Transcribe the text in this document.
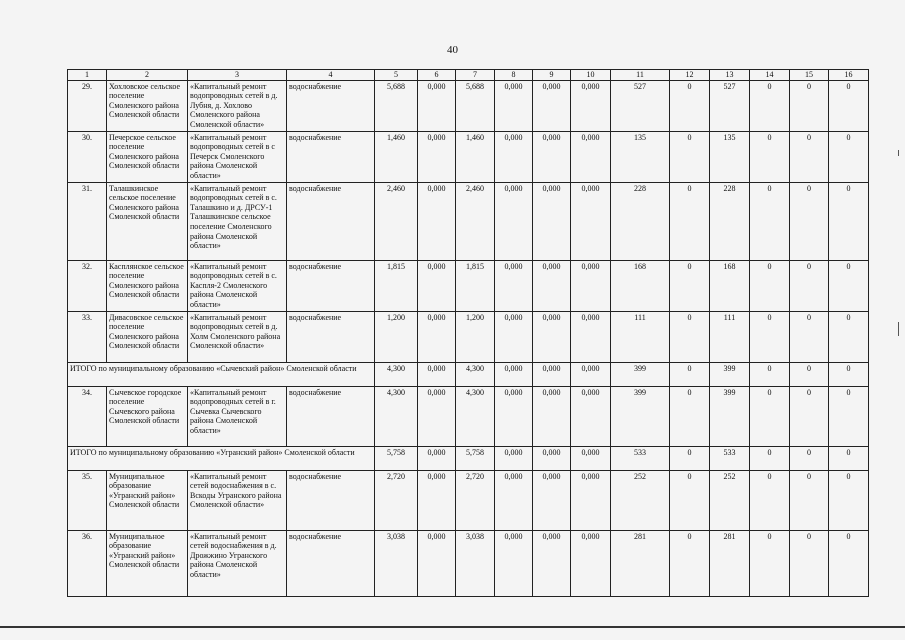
40
1	2	3	4	5	6	7	8	9	10	11	12	13	14	15	16
29.	Хохловское сельское поселение Смоленского района Смоленской области	«Капитальный ремонт водопроводных сетей в д. Лубня, д. Хохлово Смоленского района Смоленской области»	водоснабжение	5,688	0,000	5,688	0,000	0,000	0,000	527	0	527	0	0	0
30.	Печерское сельское поселение Смоленского района Смоленской области	«Капитальный ремонт водопроводных сетей в с Печерск Смоленского района Смоленской области»	водоснабжение	1,460	0,000	1,460	0,000	0,000	0,000	135	0	135	0	0	0
31.	Талашкинское сельское поселение Смоленского района Смоленской области	«Капитальный ремонт водопроводных сетей в с. Талашкино и д. ДРСУ-1 Талашкинское сельское поселение Смоленского района Смоленской области»	водоснабжение	2,460	0,000	2,460	0,000	0,000	0,000	228	0	228	0	0	0
32.	Касплянское сельское поселение Смоленского района Смоленской области	«Капитальный ремонт водопроводных сетей в с. Каспля-2 Смоленского района Смоленской области»	водоснабжение	1,815	0,000	1,815	0,000	0,000	0,000	168	0	168	0	0	0
33.	Дивасовское сельское поселение Смоленского района Смоленской области	«Капитальный ремонт водопроводных сетей в д. Холм Смоленского района Смоленской области»	водоснабжение	1,200	0,000	1,200	0,000	0,000	0,000	111	0	111	0	0	0
ИТОГО по муниципальному образованию «Сычевский район» Смоленской области				4,300	0,000	4,300	0,000	0,000	0,000	399	0	399	0	0	0
34.	Сычевское городское поселение Сычевского района Смоленской области	«Капитальный ремонт водопроводных сетей в г. Сычевка Сычевского района Смоленской области»	водоснабжение	4,300	0,000	4,300	0,000	0,000	0,000	399	0	399	0	0	0
ИТОГО по муниципальному образованию «Угранский район» Смоленской области				5,758	0,000	5,758	0,000	0,000	0,000	533	0	533	0	0	0
35.	Муниципальное образование «Угранский район» Смоленской области	«Капитальный ремонт сетей водоснабжения в с. Вскоды Угранского района Смоленской области»	водоснабжение	2,720	0,000	2,720	0,000	0,000	0,000	252	0	252	0	0	0
36.	Муниципальное образование «Угранский район» Смоленской области	«Капитальный ремонт сетей водоснабжения в д. Дрожжино Угранского района Смоленской области»	водоснабжение	3,038	0,000	3,038	0,000	0,000	0,000	281	0	281	0	0	0
